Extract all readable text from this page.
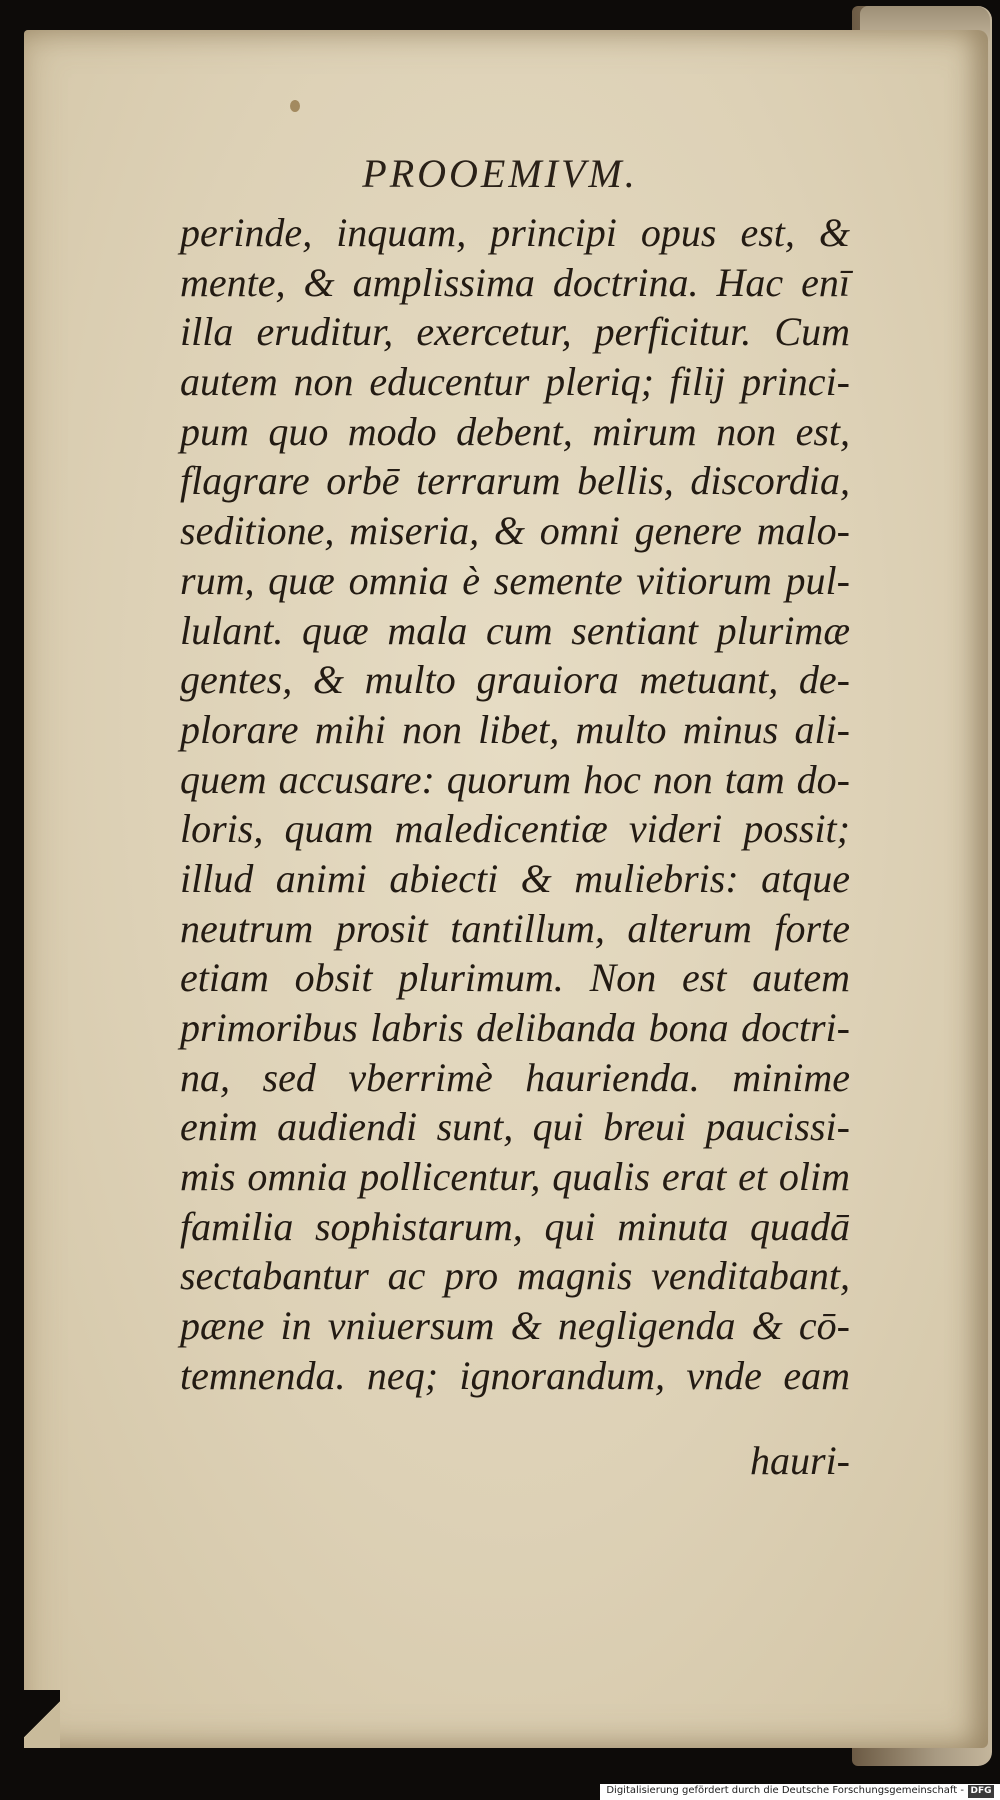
PROOEMIVM.
perinde, inquam, principi opus est, &
mente, & amplissima doctrina. Hac enī
illa eruditur, exercetur, perficitur. Cum
autem non educentur pleriq; filij princi-
pum quo modo debent, mirum non est,
flagrare orbē terrarum bellis, discordia,
seditione, miseria, & omni genere malo-
rum, quæ omnia è semente vitiorum pul-
lulant. quæ mala cum sentiant plurimæ
gentes, & multo grauiora metuant, de-
plorare mihi non libet, multo minus ali-
quem accusare: quorum hoc non tam do-
loris, quam maledicentiæ videri possit;
illud animi abiecti & muliebris: atque
neutrum prosit tantillum, alterum forte
etiam obsit plurimum. Non est autem
primoribus labris delibanda bona doctri-
na, sed vberrimè haurienda. minime
enim audiendi sunt, qui breui paucissi-
mis omnia pollicentur, qualis erat et olim
familia sophistarum, qui minuta quadā
sectabantur ac pro magnis venditabant,
pæne in vniuersum & negligenda & cō-
temnenda. neq; ignorandum, vnde eam
hauri-
Digitalisierung gefördert durch die Deutsche Forschungsgemeinschaft - DFG
